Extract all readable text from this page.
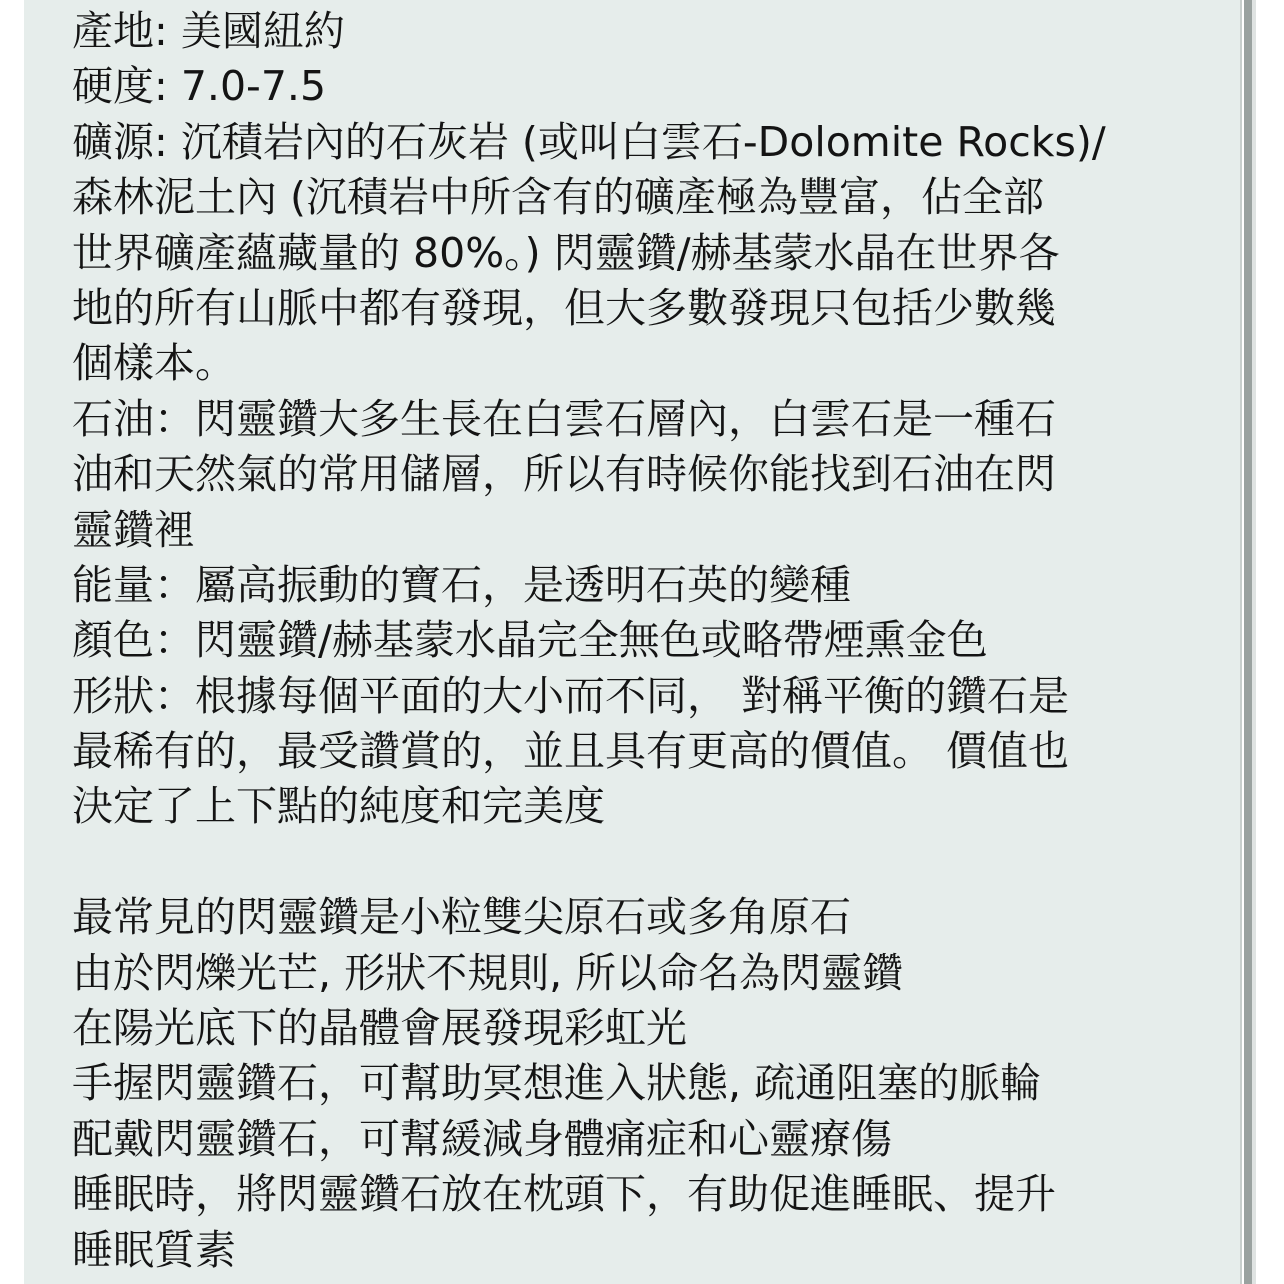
產地: 美國紐約
硬度: 7.0-7.5
礦源: 沉積岩內的石灰岩 (或叫白雲石-Dolomite Rocks)/
森林泥土內 (沉積岩中所含有的礦產極為豐富，佔全部
世界礦產蘊藏量的 80%。) 閃靈鑽/赫基蒙水晶在世界各
地的所有山脈中都有發現，但大多數發現只包括少數幾
個樣本。
石油：閃靈鑽大多生長在白雲石層內，白雲石是一種石
油和天然氣的常用儲層，所以有時候你能找到石油在閃
靈鑽裡
能量：屬高振動的寶石，是透明石英的變種
顏色：閃靈鑽/赫基蒙水晶完全無色或略帶煙熏金色
形狀：根據每個平面的大小而不同， 對稱平衡的鑽石是
最稀有的，最受讚賞的，並且具有更高的價值。 價值也
決定了上下點的純度和完美度
最常見的閃靈鑽是小粒雙尖原石或多角原石
由於閃爍光芒, 形狀不規則, 所以命名為閃靈鑽
在陽光底下的晶體會展發現彩虹光
手握閃靈鑽石，可幫助冥想進入狀態, 疏通阻塞的脈輪
配戴閃靈鑽石，可幫緩減身體痛症和心靈療傷
睡眠時，將閃靈鑽石放在枕頭下，有助促進睡眠、提升
睡眠質素
